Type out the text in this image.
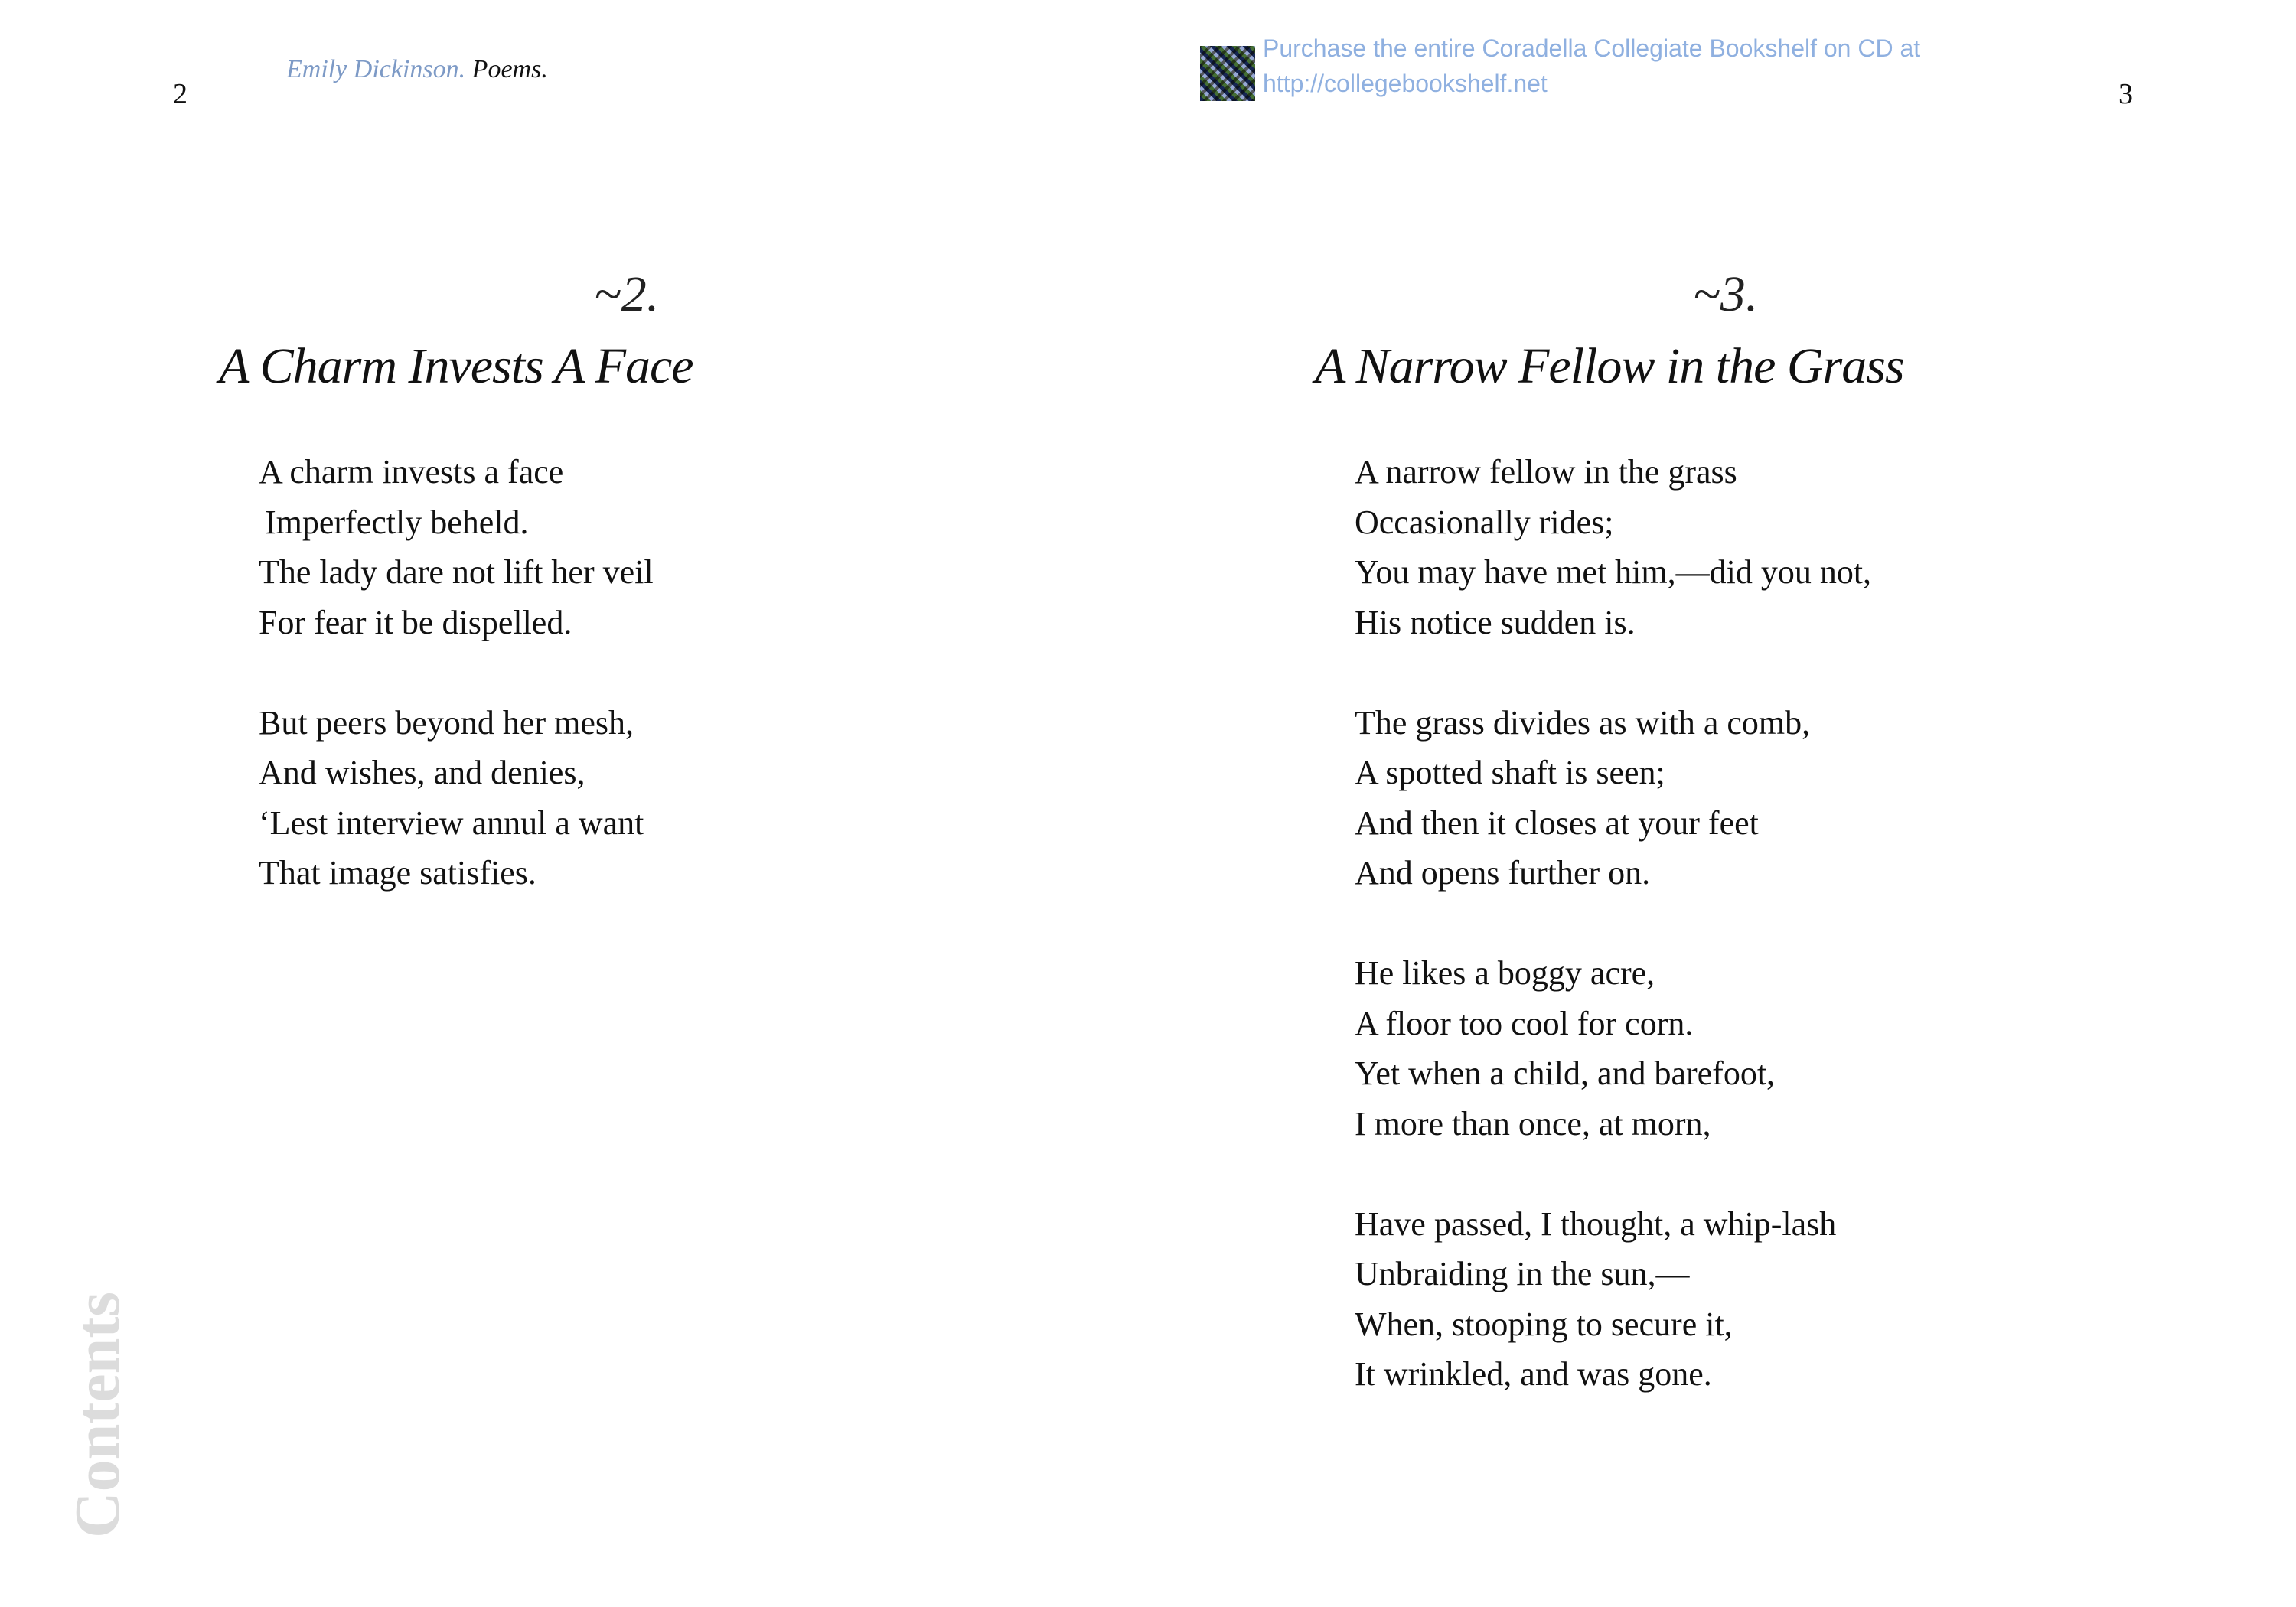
2
Emily Dickinson. Poems.
~2.
A Charm Invests A Face
A charm invests a face
Imperfectly beheld.
The lady dare not lift her veil
For fear it be dispelled.
But peers beyond her mesh,
And wishes, and denies,
‘Lest interview annul a want
That image satisfies.
Contents
Purchase the entire Coradella Collegiate Bookshelf on CD at
http://collegebookshelf.net	3
~3.
A Narrow Fellow in the Grass
A narrow fellow in the grass
Occasionally rides;
You may have met him,—did you not,
His notice sudden is.
The grass divides as with a comb,
A spotted shaft is seen;
And then it closes at your feet
And opens further on.
He likes a boggy acre,
A floor too cool for corn.
Yet when a child, and barefoot,
I more than once, at morn,
Have passed, I thought, a whip-lash
Unbraiding in the sun,—
When, stooping to secure it,
It wrinkled, and was gone.
